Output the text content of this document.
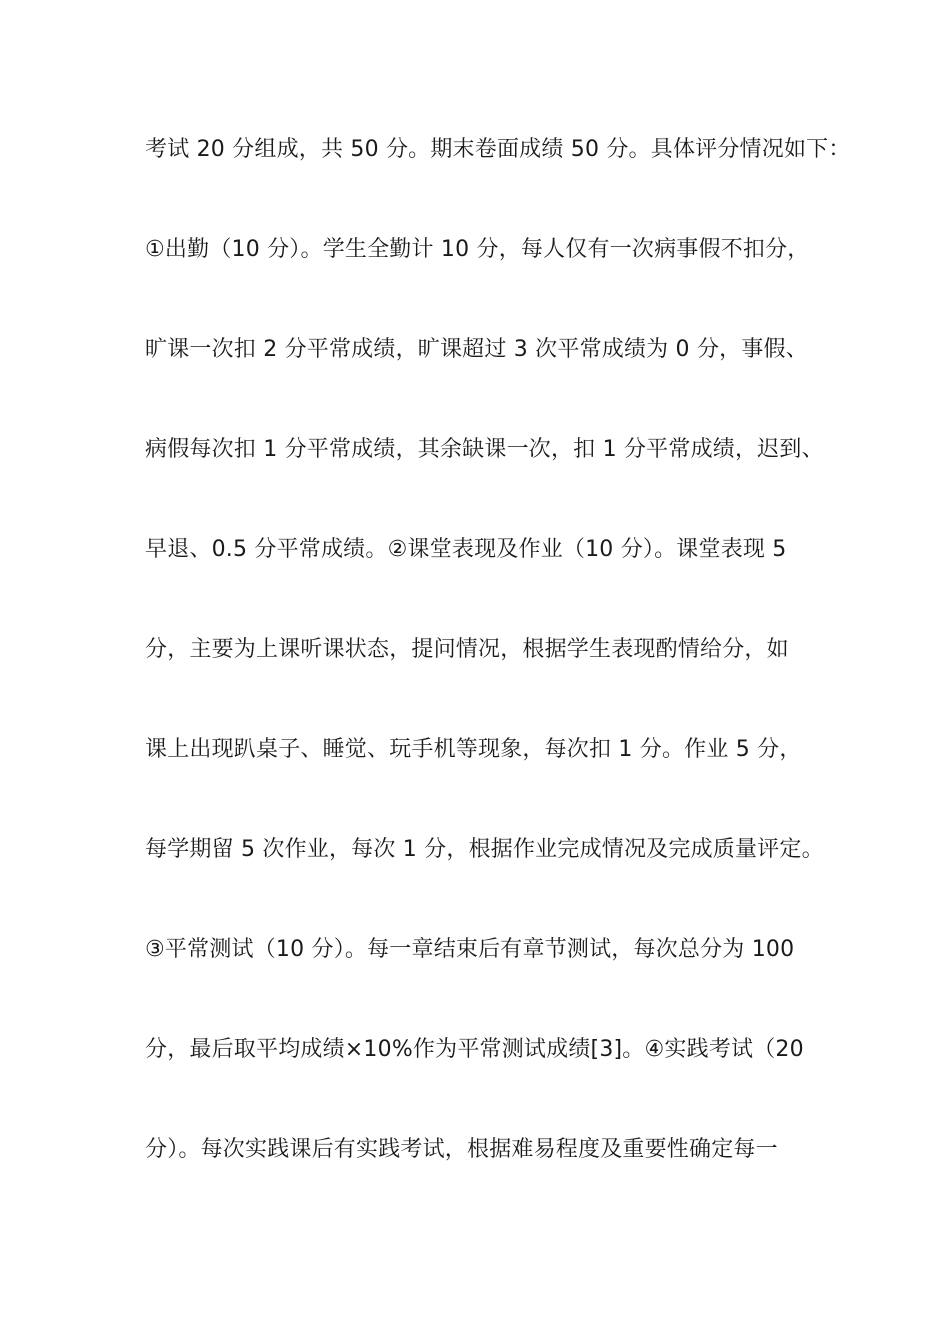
考试 20 分组成，共 50 分。期末卷面成绩 50 分。具体评分情况如下：
①出勤（10 分）。学生全勤计 10 分，每人仅有一次病事假不扣分，
旷课一次扣 2 分平常成绩，旷课超过 3 次平常成绩为 0 分，事假、
病假每次扣 1 分平常成绩，其余缺课一次，扣 1 分平常成绩，迟到、
早退、0.5 分平常成绩。②课堂表现及作业（10 分）。课堂表现 5
分，主要为上课听课状态，提问情况，根据学生表现酌情给分，如
课上出现趴桌子、睡觉、玩手机等现象，每次扣 1 分。作业 5 分，
每学期留 5 次作业，每次 1 分，根据作业完成情况及完成质量评定。
③平常测试（10 分）。每一章结束后有章节测试，每次总分为 100
分，最后取平均成绩×10%作为平常测试成绩[3]。④实践考试（20
分）。每次实践课后有实践考试，根据难易程度及重要性确定每一
